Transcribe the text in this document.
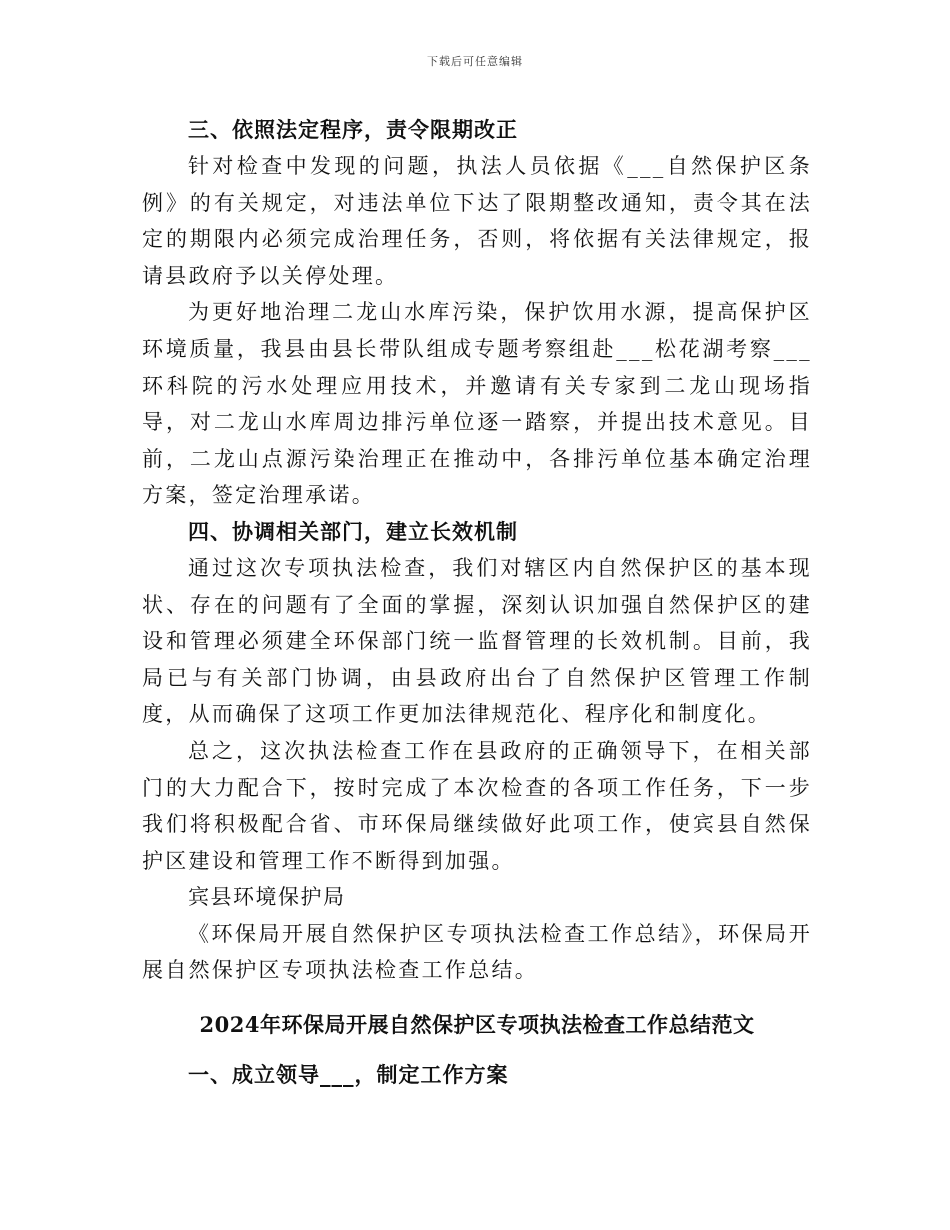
下载后可任意编辑

三、依照法定程序，责令限期改正

针对检查中发现的问题，执法人员依据《___自然保护区条例》的有关规定，对违法单位下达了限期整改通知，责令其在法定的期限内必须完成治理任务，否则，将依据有关法律规定，报请县政府予以关停处理。

为更好地治理二龙山水库污染，保护饮用水源，提高保护区环境质量，我县由县长带队组成专题考察组赴___松花湖考察___环科院的污水处理应用技术，并邀请有关专家到二龙山现场指导，对二龙山水库周边排污单位逐一踏察，并提出技术意见。目前，二龙山点源污染治理正在推动中，各排污单位基本确定治理方案，签定治理承诺。

四、协调相关部门，建立长效机制

通过这次专项执法检查，我们对辖区内自然保护区的基本现状、存在的问题有了全面的掌握，深刻认识加强自然保护区的建设和管理必须建全环保部门统一监督管理的长效机制。目前，我局已与有关部门协调，由县政府出台了自然保护区管理工作制度，从而确保了这项工作更加法律规范化、程序化和制度化。

总之，这次执法检查工作在县政府的正确领导下，在相关部门的大力配合下，按时完成了本次检查的各项工作任务，下一步我们将积极配合省、市环保局继续做好此项工作，使宾县自然保护区建设和管理工作不断得到加强。

宾县环境保护局

《环保局开展自然保护区专项执法检查工作总结》，环保局开展自然保护区专项执法检查工作总结。

2024年环保局开展自然保护区专项执法检查工作总结范文

一、成立领导___，制定工作方案
